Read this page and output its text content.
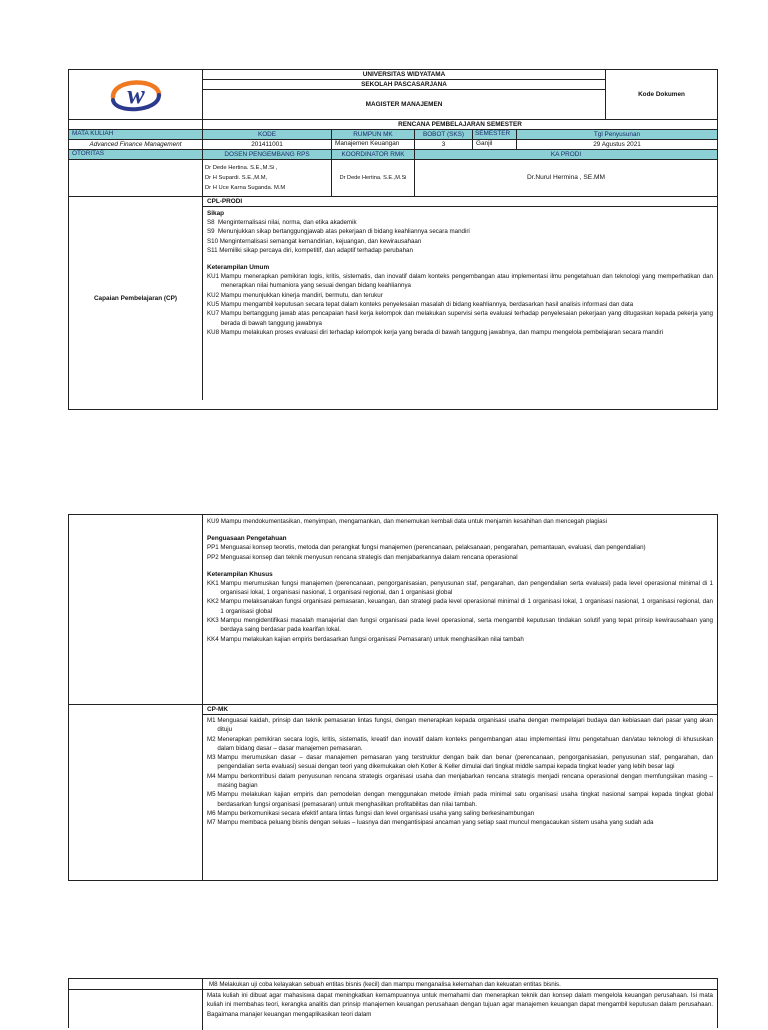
w
UNIVERSITAS WIDYATAMA
SEKOLAH PASCASARJANA
MAGISTER MANAJEMEN
Kode Dokumen
RENCANA PEMBELAJARAN SEMESTER
MATA KULIAH	KODE	RUMPUN MK	BOBOT (SKS)	SEMESTER	Tgl Penyusunan
Advanced Finance Management	201411001	Manajemen Keuangan	3	Ganjil	29 Agustus 2021
OTORITAS	DOSEN PENGEMBANG RPS	KOORDINATOR RMK	KA PRODI
Dr Dede Hertina. S.E.,M.Si ,
Dr H Supardi. S.E.,M.M,
Dr H Uce Karna Suganda. M.M
Dr Dede Hertina. S.E.,M.Si	Dr.Nurul Hermina , SE.MM
Capaian Pembelajaran (CP)
CPL-PRODI
Sikap
S8 Menginternalisasi nilai, norma, dan etika akademik
S9 Menunjukkan sikap bertanggungjawab atas pekerjaan di bidang keahliannya secara mandiri
S10 Menginternalisasi semangat kemandirian, kejuangan, dan kewirausahaan
S11 Memiliki sikap percaya diri, kompetitif, dan adaptif terhadap perubahan
Keterampilan Umum
KU1 Mampu menerapkan pemikiran logis, kritis, sistematis, dan inovatif dalam konteks pengembangan atau implementasi ilmu pengetahuan dan teknologi yang memperhatikan dan menerapkan nilai humaniora yang sesuai dengan bidang keahliannya
KU2 Mampu menunjukkan kinerja mandiri, bermutu, dan terukur
KU5 Mampu mengambil keputusan secara tepat dalam konteks penyelesaian masalah di bidang keahliannya, berdasarkan hasil analisis informasi dan data
KU7 Mampu bertanggung jawab atas pencapaian hasil kerja kelompok dan melakukan supervisi serta evaluasi terhadap penyelesaian pekerjaan yang ditugaskan kepada pekerja yang berada di bawah tanggung jawabnya
KU8 Mampu melakukan proses evaluasi diri terhadap kelompok kerja yang berada di bawah tanggung jawabnya, dan mampu mengelola pembelajaran secara mandiri
KU9 Mampu mendokumentasikan, menyimpan, mengamankan, dan menemukan kembali data untuk menjamin kesahihan dan mencegah plagiasi
Penguasaan Pengetahuan
PP1 Menguasai konsep teoretis, metoda dan perangkat fungsi manajemen (perencanaan, pelaksanaan, pengarahan, pemantauan, evaluasi, dan pengendalian)
PP2 Menguasai konsep dan teknik menyusun rencana strategis dan menjabarkannya dalam rencana operasional
Keterampilan Khusus
KK1 Mampu merumuskan fungsi manajemen (perencanaan, pengorganisasian, penyusunan staf, pengarahan, dan pengendalian serta evaluasi) pada level operasional minimal di 1 organisasi lokal, 1 organisasi nasional, 1 organisasi regional, dan 1 organisasi global
KK2 Mampu melaksanakan fungsi organisasi pemasaran, keuangan, dan strategi pada level operasional minimal di 1 organisasi lokal, 1 organisasi nasional, 1 organisasi regional, dan 1 organisasi global
KK3 Mampu mengidentifikasi masalah manajerial dan fungsi organisasi pada level operasional, serta mengambil keputusan tindakan solutif yang tepat prinsip kewirausahaan yang berdaya saing berdasar pada kearifan lokal.
KK4 Mampu melakukan kajian empiris berdasarkan fungsi organisasi Pemasaran) untuk menghasilkan nilai tambah
CP-MK
M1 Menguasai kaidah, prinsip dan teknik pemasaran lintas fungsi, dengan menerapkan kepada organisasi usaha dengan mempelajari budaya dan kebiasaan dari pasar yang akan dituju
M2 Menerapkan pemikiran secara logis, kritis, sistematis, kreatif dan inovatif dalam konteks pengembangan atau implementasi ilmu pengetahuan dan/atau teknologi di khususkan dalam bidang dasar – dasar manajemen pemasaran.
M3 Mampu merumuskan dasar – dasar manajemen pemasaran yang terstruktur dengan baik dan benar (perencanaan, pengorganisasian, penyusunan staf, pengarahan, dan pengendalian serta evaluasi) sesuai dengan teori yang dikemukakan oleh Kotler & Keller dimulai dari tingkat middle sampai kepada tingkat leader yang lebih besar lagi
M4 Mampu berkontribusi dalam penyusunan rencana strategis organisasi usaha dan menjabarkan rencana strategis menjadi rencana operasional dengan memfungsikan masing – masing bagian
M5 Mampu melakukan kajian empiris dan pemodelan dengan menggunakan metode ilmiah pada minimal satu organisasi usaha tingkat nasional sampai kepada tingkat global berdasarkan fungsi organisasi (pemasaran) untuk menghasilkan profitabilitas dan nilai tambah.
M6 Mampu berkomunikasi secara efektif antara lintas fungsi dan level organisasi usaha yang saling berkesinambungan
M7 Mampu membaca peluang bisnis dengan seluas – luasnya dan mengantisipasi ancaman yang setiap saat muncul mengacaukan sistem usaha yang sudah ada
M8 Melakukan uji coba kelayakan sebuah entitas bisnis (kecil) dan mampu menganalisa kelemahan dan kekuatan entitas bisnis.
Mata kuliah ini dibuat agar mahasiswa dapat meningkatkan kemampuannya untuk memahami dan menerapkan teknik dan konsep dalam mengelola keuangan perusahaan. Isi mata kuliah ini membahas teori, kerangka analitis dan prinsip manajemen keuangan perusahaan dengan tujuan agar manajemen keuangan dapat mengambil keputusan dalam perusahaan. Bagaimana manajer keuangan mengaplikasikan teori dalam
